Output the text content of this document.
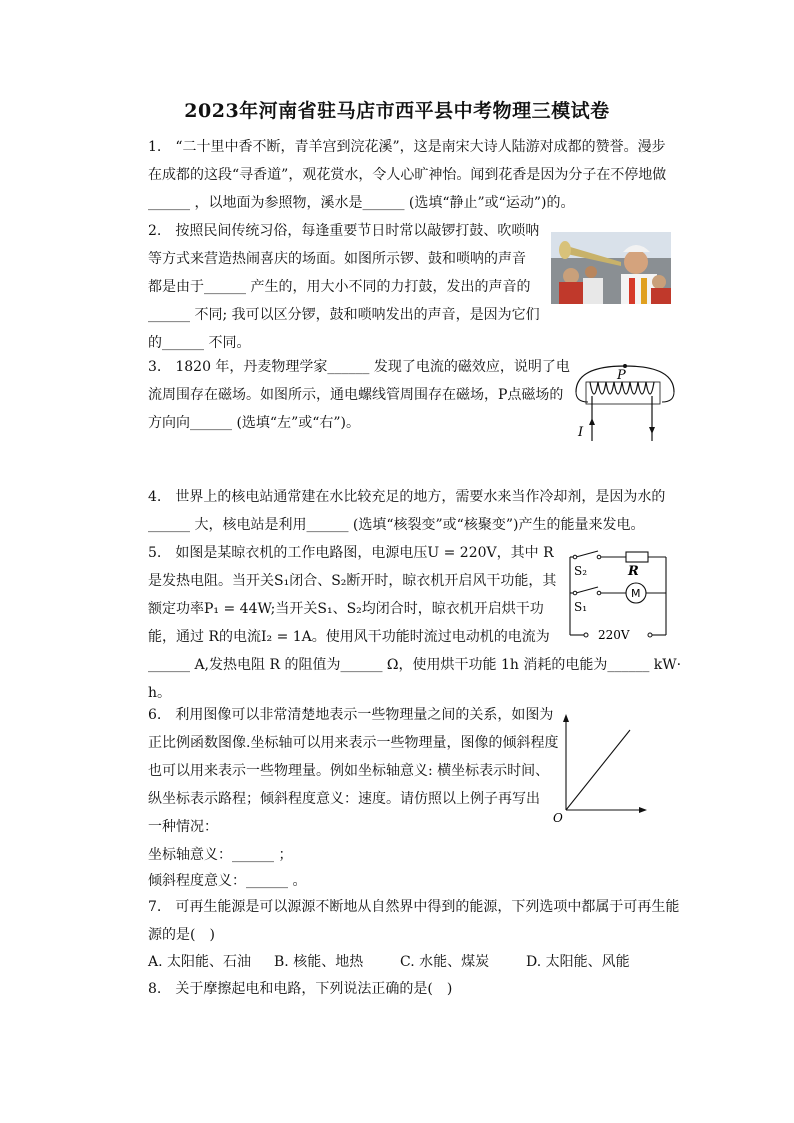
2023年河南省驻马店市西平县中考物理三模试卷
1.　“二十里中香不断，青羊宫到浣花溪”，这是南宋大诗人陆游对成都的赞誉。漫步
在成都的这段“寻香道”，观花赏水，令人心旷神怡。闻到花香是因为分子在不停地做
______ ，以地面为参照物，溪水是______ (选填“静止”或“运动”)的。
2.　按照民间传统习俗，每逢重要节日时常以敲锣打鼓、吹唢呐
等方式来营造热闹喜庆的场面。如图所示锣、鼓和唢呐的声音
都是由于______ 产生的，用大小不同的力打鼓，发出的声音的
______ 不同; 我可以区分锣，鼓和唢呐发出的声音，是因为它们
的______ 不同。
3.　1820 年，丹麦物理学家______ 发现了电流的磁效应，说明了电
流周围存在磁场。如图所示，通电螺线管周围存在磁场，P点磁场的
方向向______ (选填“左”或“右”)。
P
I
4.　世界上的核电站通常建在水比较充足的地方，需要水来当作冷却剂，是因为水的
______ 大，核电站是利用______ (选填“核裂变”或“核聚变”)产生的能量来发电。
5.　如图是某晾衣机的工作电路图，电源电压U = 220V，其中 R
是发热电阻。当开关S₁闭合、S₂断开时，晾衣机开启风干功能，其
额定功率P₁ = 44W;当开关S₁、S₂均闭合时，晾衣机开启烘干功
能，通过 R的电流I₂ = 1A。使用风干功能时流过电动机的电流为
______ A,发热电阻 R 的阻值为______ Ω，使用烘干功能 1h 消耗的电能为______ kW·
h。
S₂	R
S₁
M
220V
6.　利用图像可以非常清楚地表示一些物理量之间的关系，如图为
正比例函数图像.坐标轴可以用来表示一些物理量，图像的倾斜程度
也可以用来表示一些物理量。例如坐标轴意义: 横坐标表示时间、
纵坐标表示路程；倾斜程度意义：速度。请仿照以上例子再写出
一种情况：
坐标轴意义：______ ；
倾斜程度意义：______ 。
O
7.　可再生能源是可以源源不断地从自然界中得到的能源，下列选项中都属于可再生能
源的是(　)
A. 太阳能、石油 B. 核能、地热	C. 水能、煤炭	D. 太阳能、风能
8.　关于摩擦起电和电路，下列说法正确的是(　)
